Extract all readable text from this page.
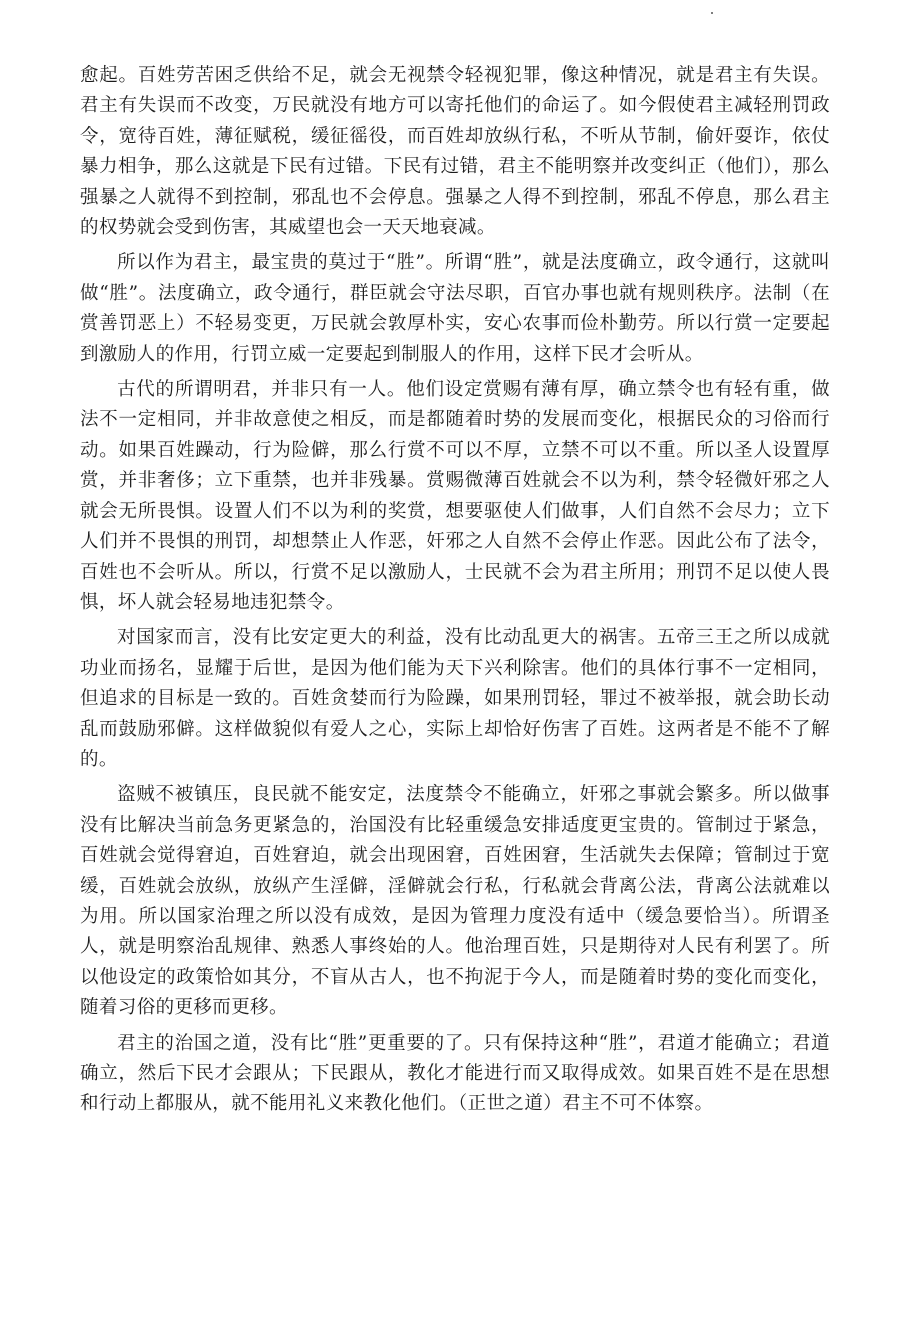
愈起。百姓劳苦困乏供给不足，就会无视禁令轻视犯罪，像这种情况，就是君主有失误。君主有失误而不改变，万民就没有地方可以寄托他们的命运了。如今假使君主减轻刑罚政令，宽待百姓，薄征赋税，缓征徭役，而百姓却放纵行私，不听从节制，偷奸耍诈，依仗暴力相争，那么这就是下民有过错。下民有过错，君主不能明察并改变纠正（他们），那么强暴之人就得不到控制，邪乱也不会停息。强暴之人得不到控制，邪乱不停息，那么君主的权势就会受到伤害，其威望也会一天天地衰减。

所以作为君主，最宝贵的莫过于“胜”。所谓“胜”，就是法度确立，政令通行，这就叫做“胜”。法度确立，政令通行，群臣就会守法尽职，百官办事也就有规则秩序。法制（在赏善罚恶上）不轻易变更，万民就会敦厚朴实，安心农事而俭朴勤劳。所以行赏一定要起到激励人的作用，行罚立威一定要起到制服人的作用，这样下民才会听从。

古代的所谓明君，并非只有一人。他们设定赏赐有薄有厚，确立禁令也有轻有重，做法不一定相同，并非故意使之相反，而是都随着时势的发展而变化，根据民众的习俗而行动。如果百姓躁动，行为险僻，那么行赏不可以不厚，立禁不可以不重。所以圣人设置厚赏，并非奢侈；立下重禁，也并非残暴。赏赐微薄百姓就会不以为利，禁令轻微奸邪之人就会无所畏惧。设置人们不以为利的奖赏，想要驱使人们做事，人们自然不会尽力；立下人们并不畏惧的刑罚，却想禁止人作恶，奸邪之人自然不会停止作恶。因此公布了法令，百姓也不会听从。所以，行赏不足以激励人，士民就不会为君主所用；刑罚不足以使人畏惧，坏人就会轻易地违犯禁令。

对国家而言，没有比安定更大的利益，没有比动乱更大的祸害。五帝三王之所以成就功业而扬名，显耀于后世，是因为他们能为天下兴利除害。他们的具体行事不一定相同，但追求的目标是一致的。百姓贪婪而行为险躁，如果刑罚轻，罪过不被举报，就会助长动乱而鼓励邪僻。这样做貌似有爱人之心，实际上却恰好伤害了百姓。这两者是不能不了解的。

盗贼不被镇压，良民就不能安定，法度禁令不能确立，奸邪之事就会繁多。所以做事没有比解决当前急务更紧急的，治国没有比轻重缓急安排适度更宝贵的。管制过于紧急，百姓就会觉得窘迫，百姓窘迫，就会出现困窘，百姓困窘，生活就失去保障；管制过于宽缓，百姓就会放纵，放纵产生淫僻，淫僻就会行私，行私就会背离公法，背离公法就难以为用。所以国家治理之所以没有成效，是因为管理力度没有适中（缓急要恰当）。所谓圣人，就是明察治乱规律、熟悉人事终始的人。他治理百姓，只是期待对人民有利罢了。所以他设定的政策恰如其分，不盲从古人，也不拘泥于今人，而是随着时势的变化而变化，随着习俗的更移而更移。

君主的治国之道，没有比“胜”更重要的了。只有保持这种“胜”，君道才能确立；君道确立，然后下民才会跟从；下民跟从，教化才能进行而又取得成效。如果百姓不是在思想和行动上都服从，就不能用礼义来教化他们。（正世之道）君主不可不体察。
